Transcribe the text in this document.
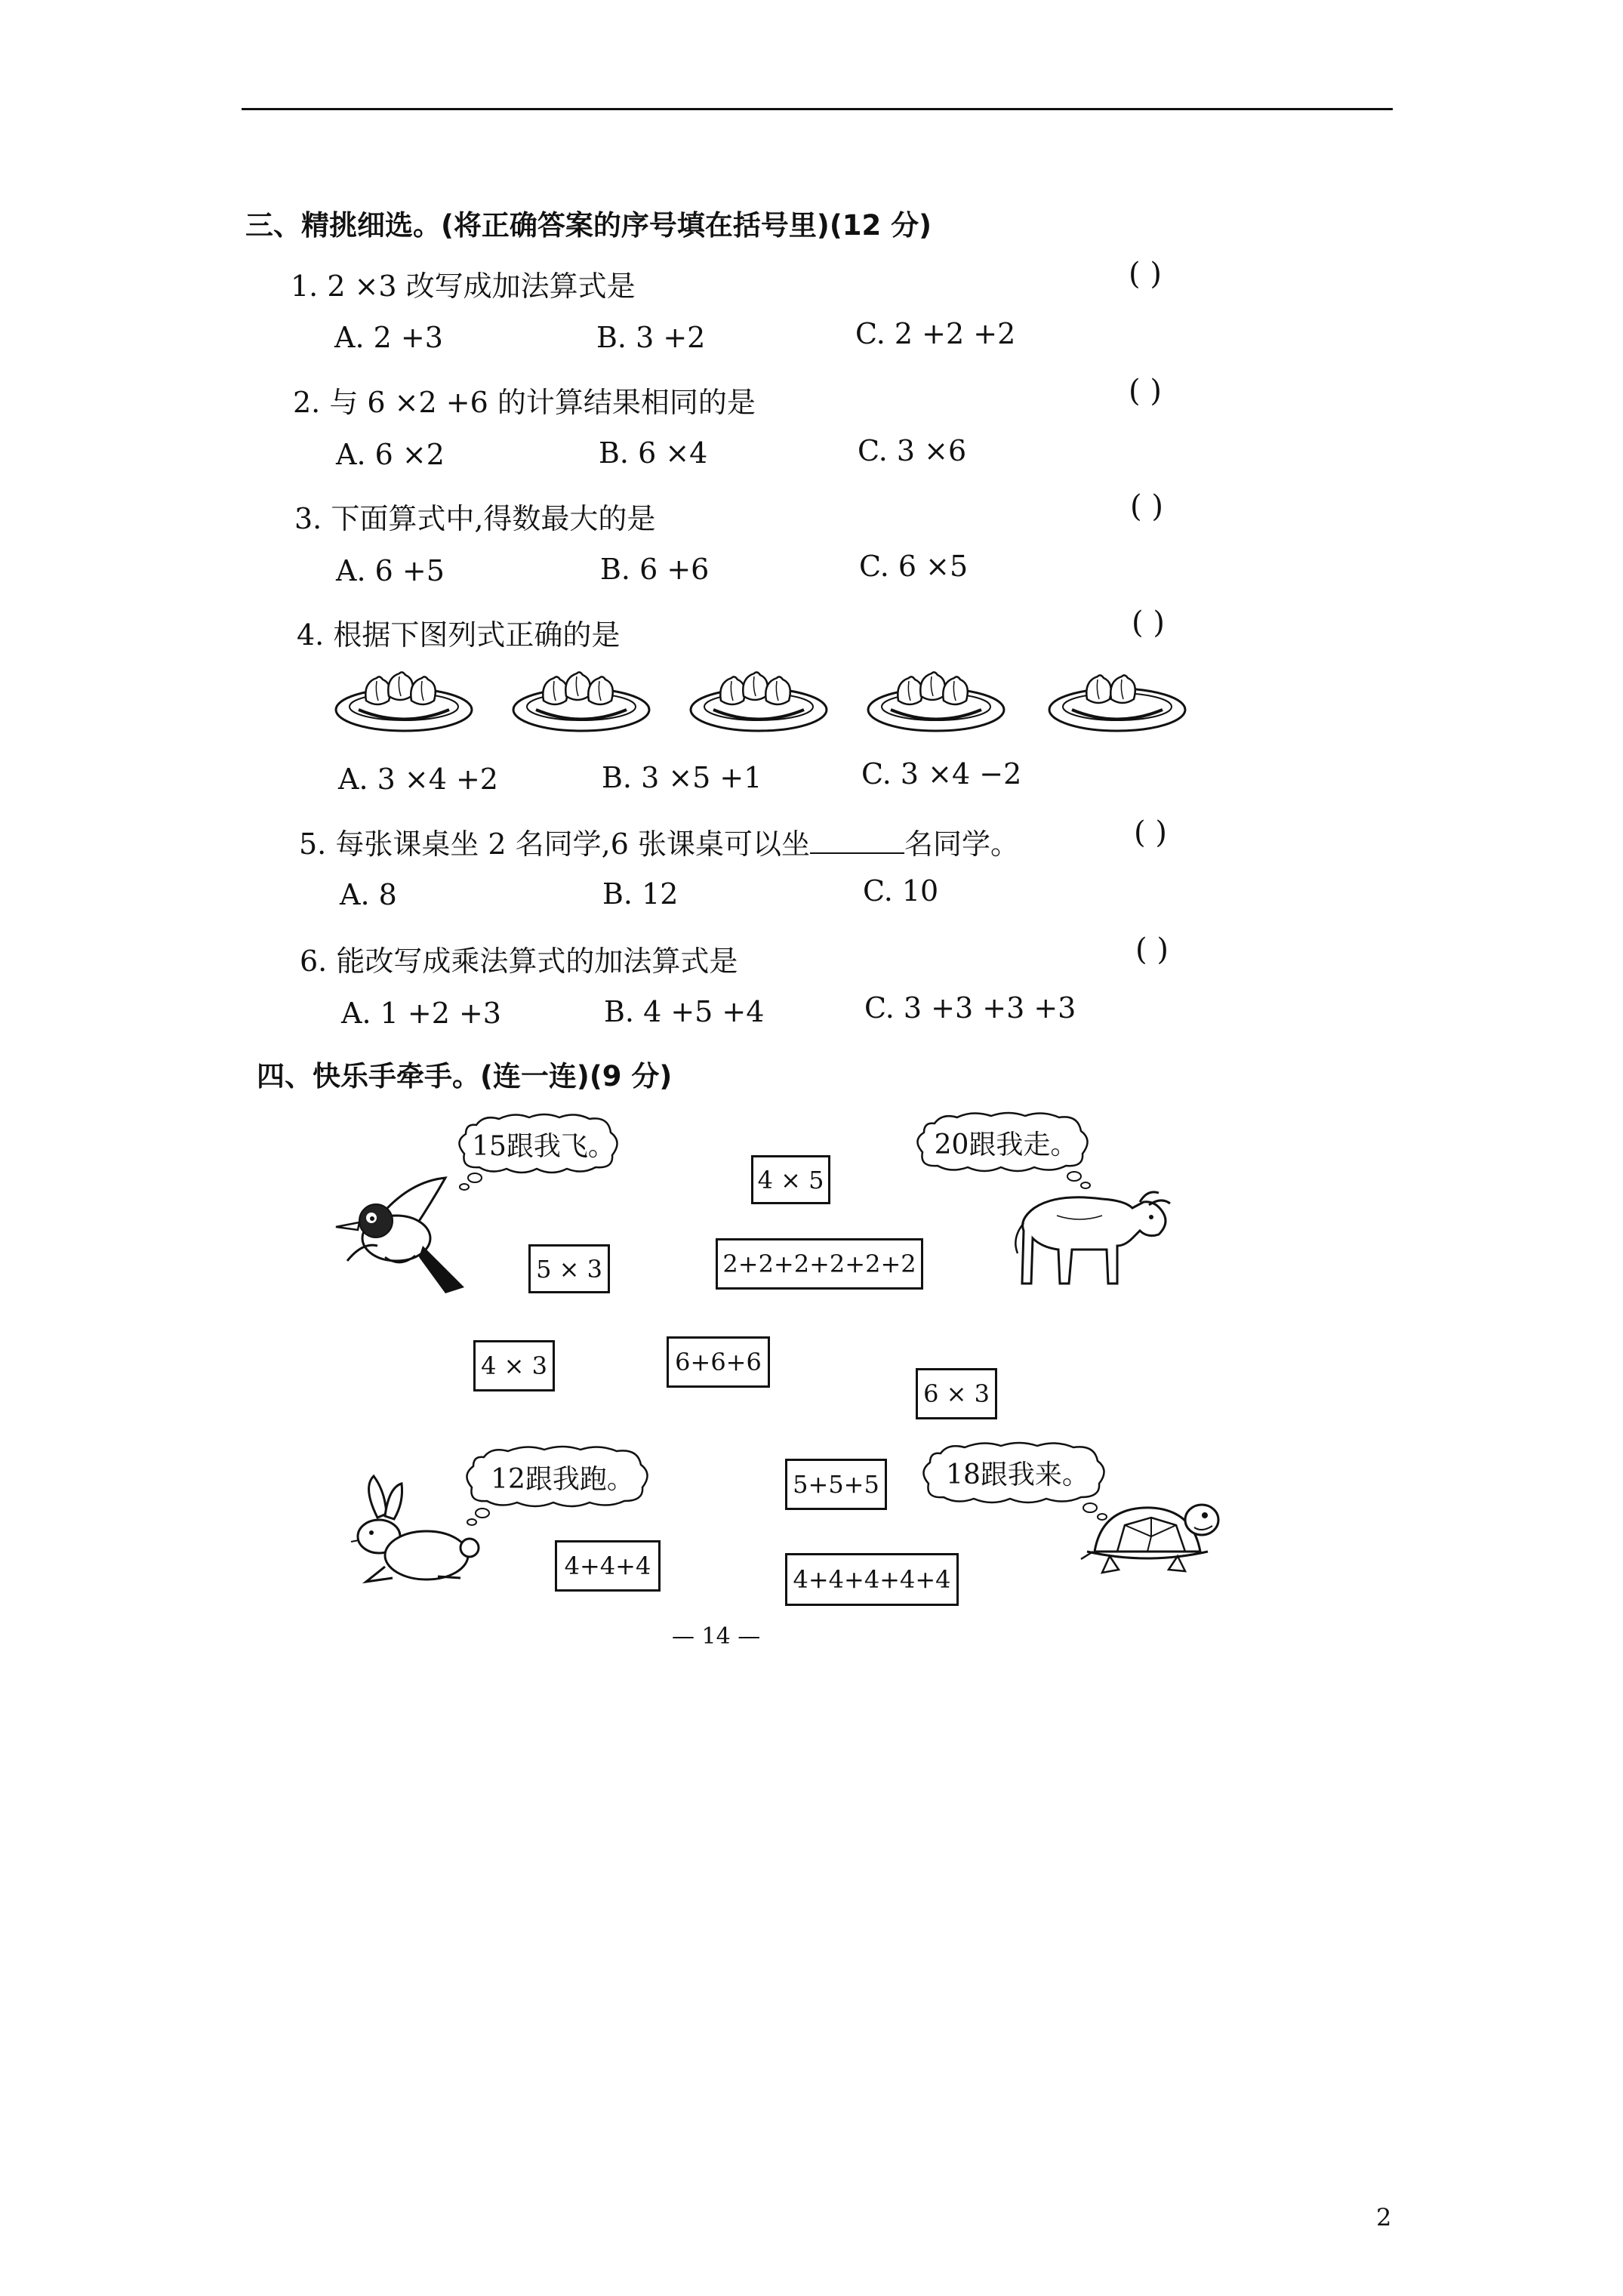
三、精挑细选。(将正确答案的序号填在括号里)(12 分)
1. 2 ×3 改写成加法算式是	( )
A. 2 +3	B. 3 +2	C. 2 +2 +2
2. 与 6 ×2 +6 的计算结果相同的是	( )
A. 6 ×2	B. 6 ×4	C. 3 ×6
3. 下面算式中,得数最大的是	( )
A. 6 +5	B. 6 +6	C. 6 ×5
4. 根据下图列式正确的是	( )
A. 3 ×4 +2	B. 3 ×5 +1	C. 3 ×4 −2
5. 每张课桌坐 2 名同学,6 张课桌可以坐	名同学。	( )
A. 8	B. 12	C. 10
6. 能改写成乘法算式的加法算式是	( )
A. 1 +2 +3	B. 4 +5 +4	C. 3 +3 +3 +3
四、快乐手牵手。(连一连)(9 分)
15跟我飞。	20跟我走。
12跟我跑。	18跟我来。
4 × 5
5 × 3	2+2+2+2+2+2
4 × 3	6+6+6
6 × 3
5+5+5
4+4+4	4+4+4+4+4
— 14 —
2
